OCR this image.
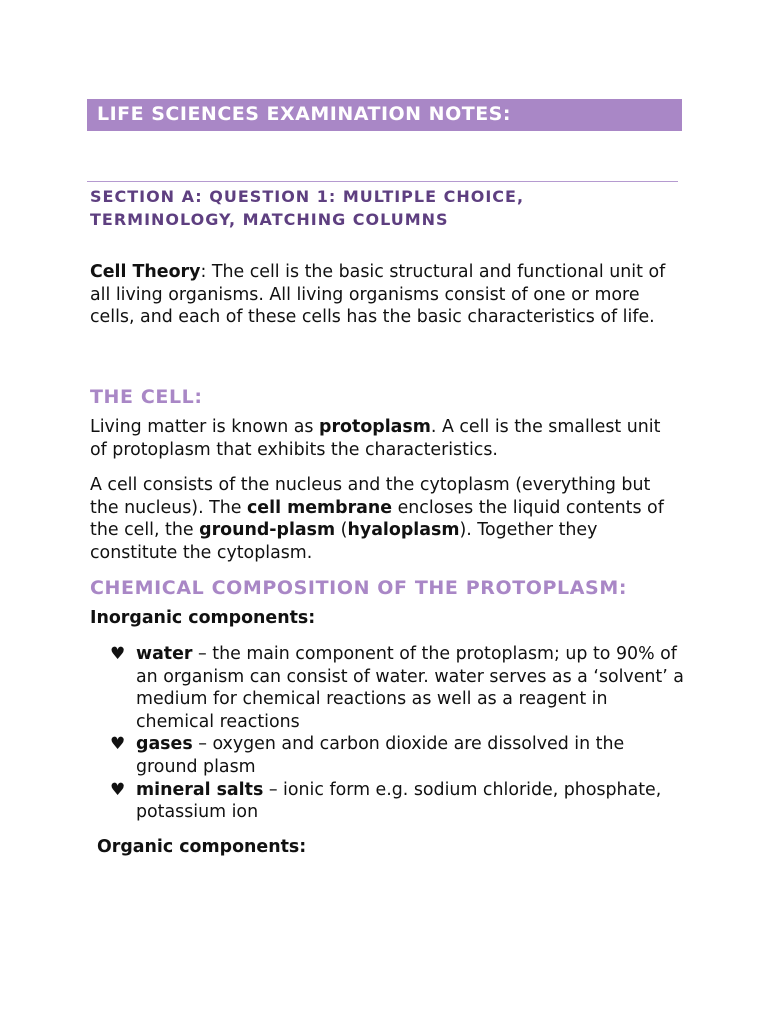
LIFE SCIENCES EXAMINATION NOTES:
SECTION A: QUESTION 1: MULTIPLE CHOICE,
TERMINOLOGY, MATCHING COLUMNS

Cell Theory: The cell is the basic structural and functional unit of all living organisms. All living organisms consist of one or more cells, and each of these cells has the basic characteristics of life.

THE CELL:

Living matter is known as protoplasm. A cell is the smallest unit of protoplasm that exhibits the characteristics.

A cell consists of the nucleus and the cytoplasm (everything but the nucleus). The cell membrane encloses the liquid contents of the cell, the ground-plasm (hyaloplasm). Together they constitute the cytoplasm.

CHEMICAL COMPOSITION OF THE PROTOPLASM:
Inorganic components:
♥ water – the main component of the protoplasm; up to 90% of an organism can consist of water. water serves as a ‘solvent’ a medium for chemical reactions as well as a reagent in chemical reactions
♥ gases – oxygen and carbon dioxide are dissolved in the ground plasm
♥ mineral salts – ionic form e.g. sodium chloride, phosphate, potassium ion
Organic components:
